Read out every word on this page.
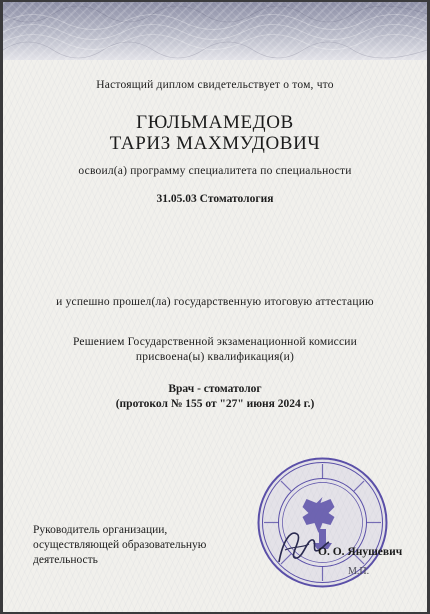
Настоящий диплом свидетельствует о том, что
ГЮЛЬМАМЕДОВ
ТАРИЗ МАХМУДОВИЧ
освоил(а) программу специалитета по специальности
31.05.03 Стоматология
и успешно прошел(ла) государственную итоговую аттестацию
Решением Государственной экзаменационной комиссии
присвоена(ы) квалификация(и)
Врач - стоматолог
(протокол № 155 от "27" июня 2024 г.)
Руководитель организации,
осуществляющей образовательную
деятельность
О. О. Янушевич
М.П.
